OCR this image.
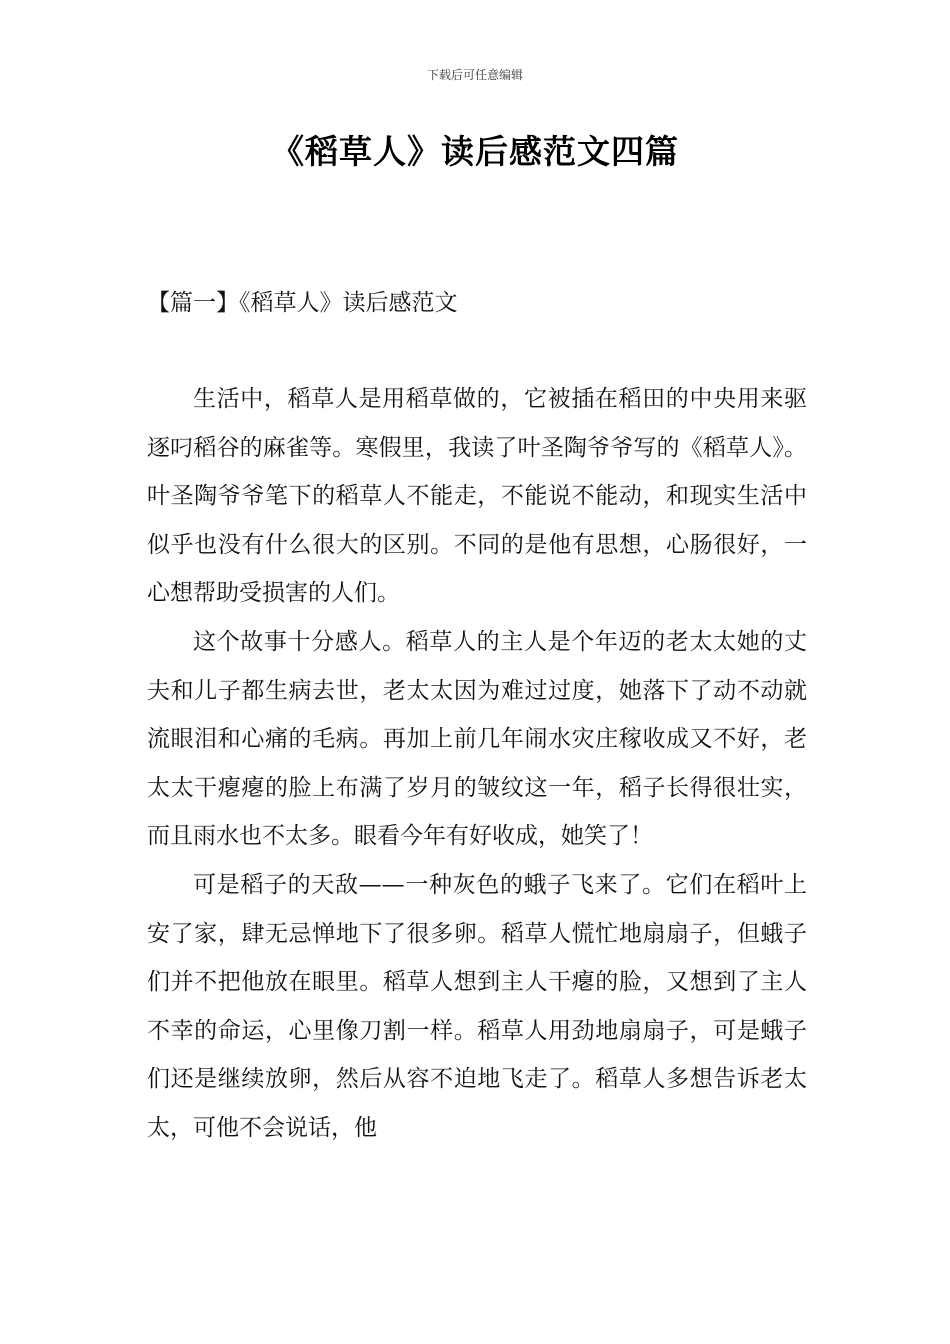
下载后可任意编辑
《稻草人》读后感范文四篇
【篇一】《稻草人》读后感范文

生活中，稻草人是用稻草做的，它被插在稻田的中央用来驱逐叼稻谷的麻雀等。寒假里，我读了叶圣陶爷爷写的《稻草人》。叶圣陶爷爷笔下的稻草人不能走，不能说不能动，和现实生活中似乎也没有什么很大的区别。不同的是他有思想，心肠很好，一心想帮助受损害的人们。

这个故事十分感人。稻草人的主人是个年迈的老太太她的丈夫和儿子都生病去世，老太太因为难过过度，她落下了动不动就流眼泪和心痛的毛病。再加上前几年闹水灾庄稼收成又不好，老太太干瘪瘪的脸上布满了岁月的皱纹这一年，稻子长得很壮实，而且雨水也不太多。眼看今年有好收成，她笑了！

可是稻子的天敌——一种灰色的蛾子飞来了。它们在稻叶上安了家，肆无忌惮地下了很多卵。稻草人慌忙地扇扇子，但蛾子们并不把他放在眼里。稻草人想到主人干瘪的脸，又想到了主人不幸的命运，心里像刀割一样。稻草人用劲地扇扇子，可是蛾子们还是继续放卵，然后从容不迫地飞走了。稻草人多想告诉老太太，可他不会说话，他
